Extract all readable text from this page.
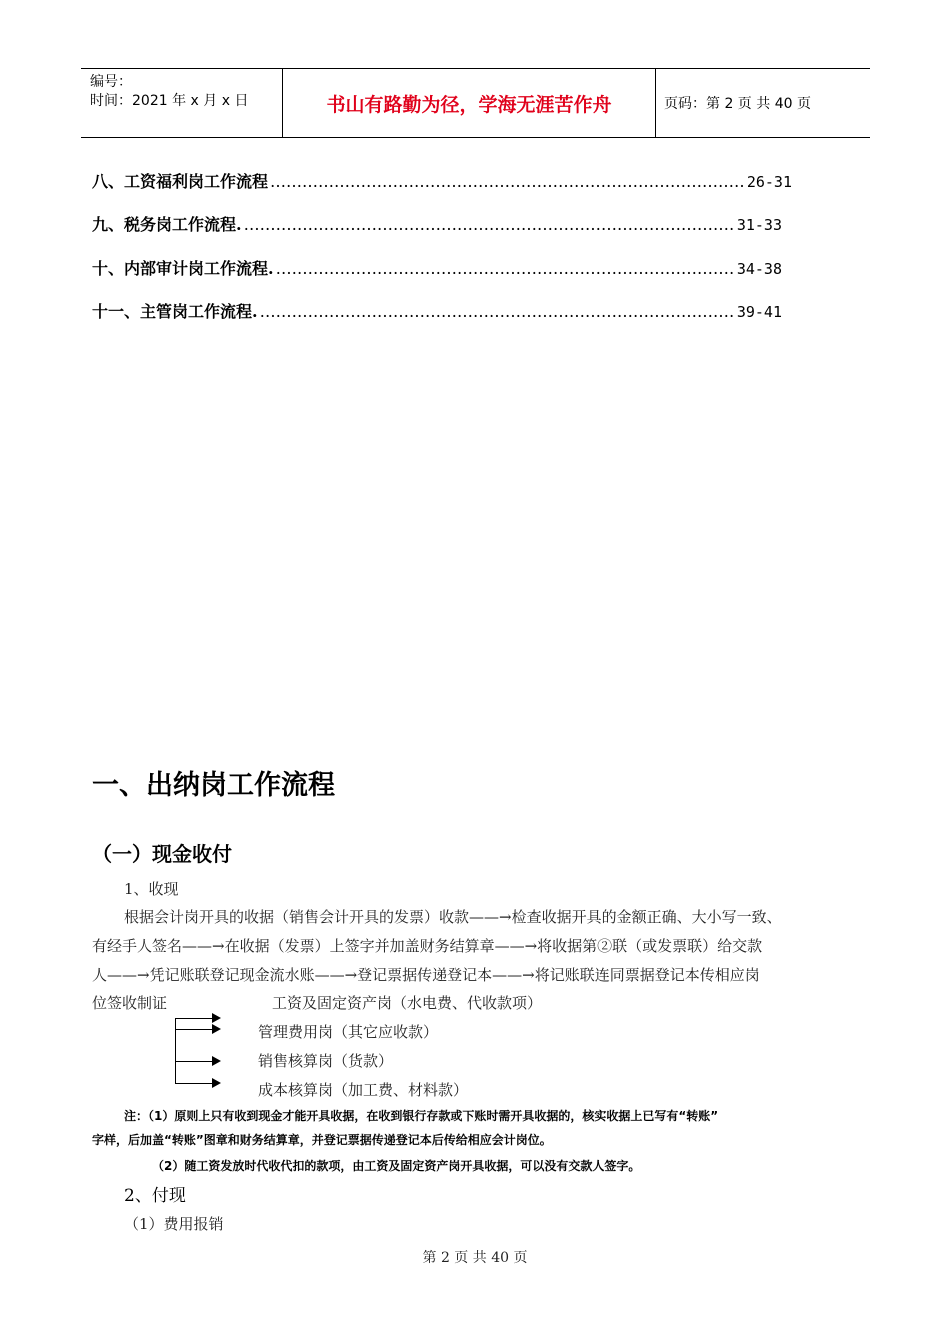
编号：
时间：2021 年 x 月 x 日	书山有路勤为径，学海无涯苦作舟	页码：第 2 页 共 40 页
八、工资福利岗工作流程 …………………………………………………………………………………………………………………………………………………………	26-31
九、税务岗工作流程. …………………………………………………………………………………………………………………………………………………………	31-33
十、内部审计岗工作流程. …………………………………………………………………………………………………………………………………………………………	34-38
十一、主管岗工作流程. …………………………………………………………………………………………………………………………………………………………	39-41
一、出纳岗工作流程
（一）现金收付
1、收现
根据会计岗开具的收据（销售会计开具的发票）收款——→检查收据开具的金额正确、大小写一致、
有经手人签名——→在收据（发票）上签字并加盖财务结算章——→将收据第②联（或发票联）给交款
人——→凭记账联登记现金流水账——→登记票据传递登记本——→将记账联连同票据登记本传相应岗
位签收制证	工资及固定资产岗（水电费、代收款项）
管理费用岗（其它应收款）
销售核算岗（货款）
成本核算岗（加工费、材料款）
注：（1）原则上只有收到现金才能开具收据，在收到银行存款或下账时需开具收据的，核实收据上已写有“转账”
字样，后加盖“转账”图章和财务结算章，并登记票据传递登记本后传给相应会计岗位。
（2）随工资发放时代收代扣的款项，由工资及固定资产岗开具收据，可以没有交款人签字。
2、付现
（1）费用报销
第 2 页 共 40 页
